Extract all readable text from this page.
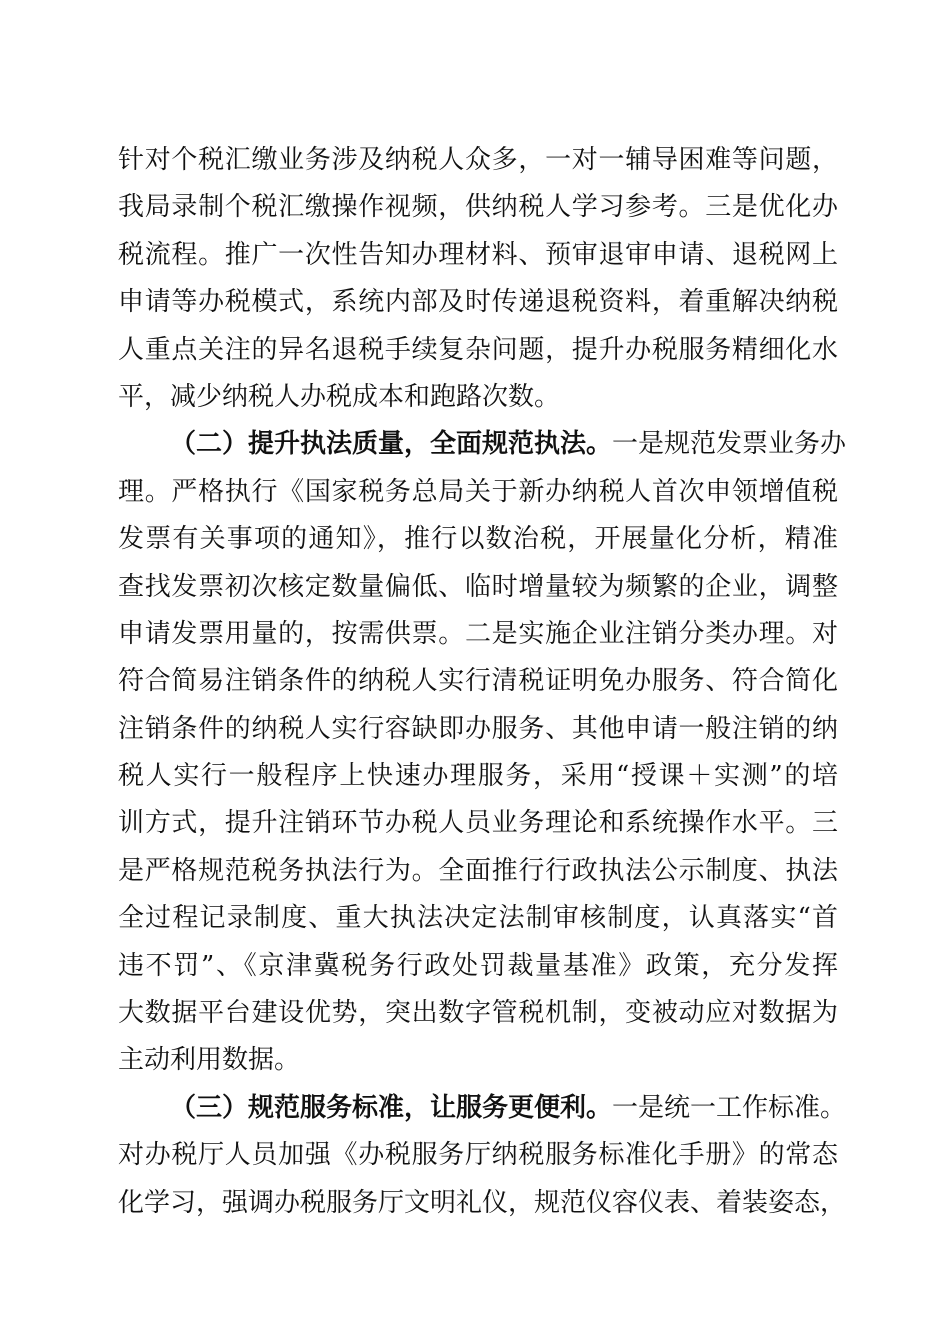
针对个税汇缴业务涉及纳税人众多，一对一辅导困难等问题，
我局录制个税汇缴操作视频，供纳税人学习参考。三是优化办
税流程。推广一次性告知办理材料、预审退审申请、退税网上
申请等办税模式，系统内部及时传递退税资料，着重解决纳税
人重点关注的异名退税手续复杂问题，提升办税服务精细化水
平，减少纳税人办税成本和跑路次数。
（二）提升执法质量，全面规范执法。一是规范发票业务办
理。严格执行《国家税务总局关于新办纳税人首次申领增值税
发票有关事项的通知》，推行以数治税，开展量化分析，精准
查找发票初次核定数量偏低、临时增量较为频繁的企业，调整
申请发票用量的，按需供票。二是实施企业注销分类办理。对
符合简易注销条件的纳税人实行清税证明免办服务、符合简化
注销条件的纳税人实行容缺即办服务、其他申请一般注销的纳
税人实行一般程序上快速办理服务，采用“授课＋实测”的培
训方式，提升注销环节办税人员业务理论和系统操作水平。三
是严格规范税务执法行为。全面推行行政执法公示制度、执法
全过程记录制度、重大执法决定法制审核制度，认真落实“首
违不罚”、《京津冀税务行政处罚裁量基准》政策，充分发挥
大数据平台建设优势，突出数字管税机制，变被动应对数据为
主动利用数据。
（三）规范服务标准，让服务更便利。一是统一工作标准。
对办税厅人员加强《办税服务厅纳税服务标准化手册》的常态
化学习，强调办税服务厅文明礼仪，规范仪容仪表、着装姿态，
